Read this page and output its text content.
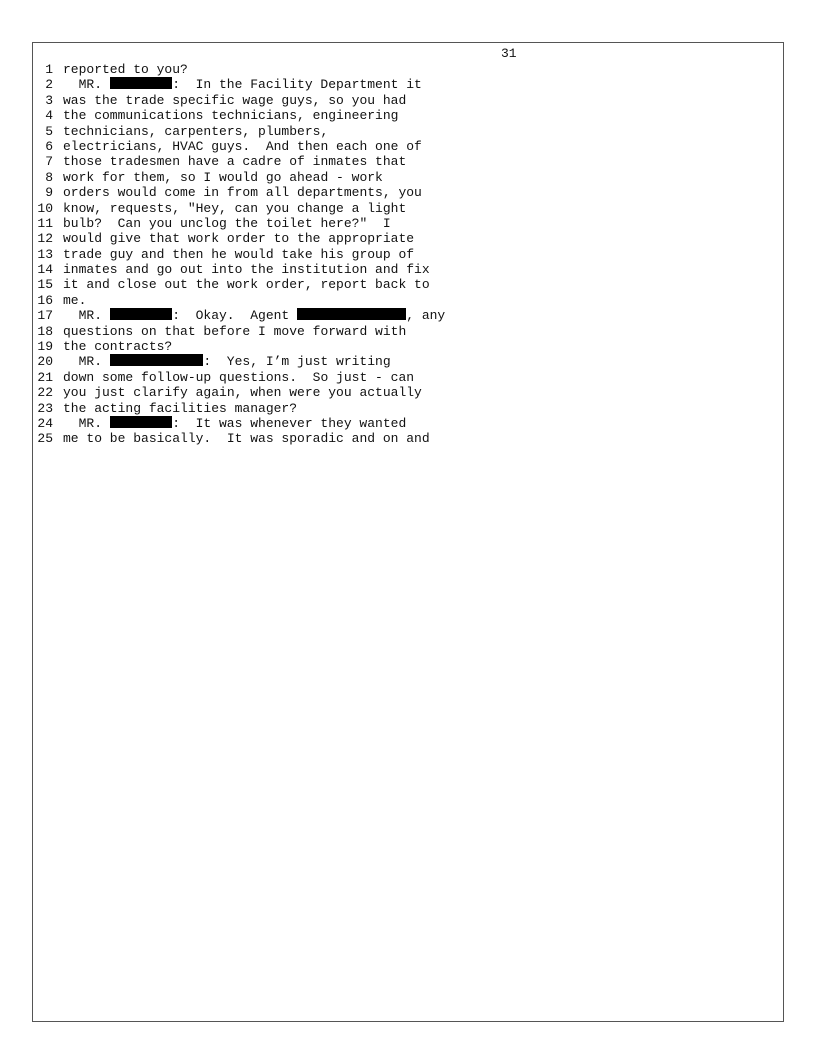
31
1 reported to you?
2 MR.	:  In the Facility Department it
3 was the trade specific wage guys, so you had
4 the communications technicians, engineering
5 technicians, carpenters, plumbers,
6 electricians, HVAC guys.  And then each one of
7 those tradesmen have a cadre of inmates that
8 work for them, so I would go ahead - work
9 orders would come in from all departments, you
10 know, requests, "Hey, can you change a light
11 bulb?  Can you unclog the toilet here?"  I
12 would give that work order to the appropriate
13 trade guy and then he would take his group of
14 inmates and go out into the institution and fix
15 it and close out the work order, report back to
16 me.
17 MR.	:  Okay.  Agent	, any
18 questions on that before I move forward with
19 the contracts?
20 MR.	:  Yes, I’m just writing
21 down some follow-up questions.  So just - can
22 you just clarify again, when were you actually
23 the acting facilities manager?
24 MR.	:  It was whenever they wanted
25 me to be basically.  It was sporadic and on and
